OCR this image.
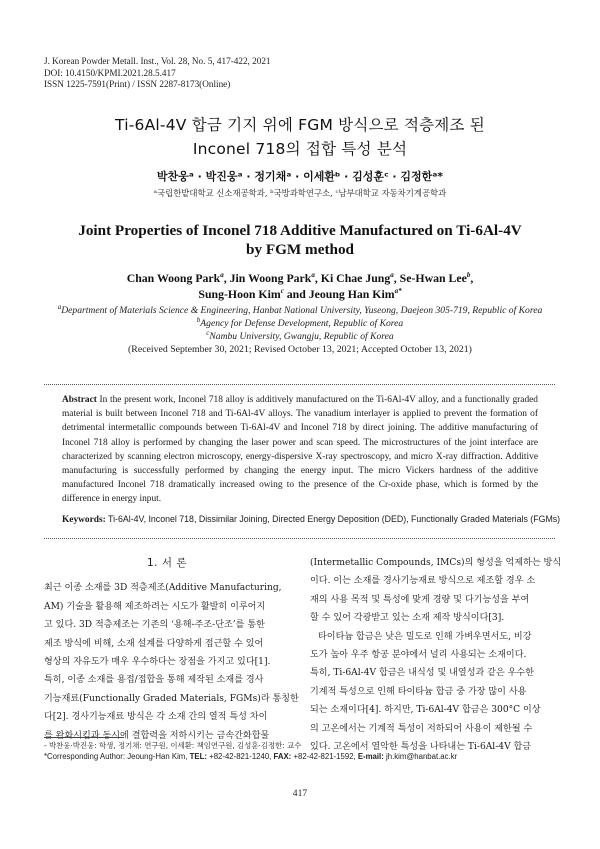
J. Korean Powder Metall. Inst., Vol. 28, No. 5, 417-422, 2021
DOI: 10.4150/KPMI.2021.28.5.417
ISSN 1225-7591(Print) / ISSN 2287-8173(Online)
Ti-6Al-4V 합금 기지 위에 FGM 방식으로 적층제조 된
Inconel 718의 접합 특성 분석
박찬웅ᵃ · 박진웅ᵃ · 정기채ᵃ · 이세환ᵇ · 김성훈ᶜ · 김정한ᵃ*
ᵃ국립한밭대학교 신소재공학과, ᵇ국방과학연구소, ᶜ남부대학교 자동차기계공학과
Joint Properties of Inconel 718 Additive Manufactured on Ti-6Al-4V
by FGM method
Chan Woong Park$^a$, Jin Woong Park$^a$, Ki Chae Jung$^a$, Se-Hwan Lee$^b$,
Sung-Hoon Kim$^c$ and Jeoung Han Kim$^{a*}$
$^a$Department of Materials Science & Engineering, Hanbat National University, Yuseong, Daejeon 305-719, Republic of Korea
$^b$Agency for Defense Development, Republic of Korea
$^c$Nambu University, Gwangju, Republic of Korea
(Received September 30, 2021; Revised October 13, 2021; Accepted October 13, 2021)
Abstract In the present work, Inconel 718 alloy is additively manufactured on the Ti-6Al-4V alloy, and a functionally graded material is built between Inconel 718 and Ti-6Al-4V alloys. The vanadium interlayer is applied to prevent the formation of detrimental intermetallic compounds between Ti-6Al-4V and Inconel 718 by direct joining. The additive manufacturing of Inconel 718 alloy is performed by changing the laser power and scan speed. The microstructures of the joint interface are characterized by scanning electron microscopy, energy-dispersive X-ray spectroscopy, and micro X-ray diffraction. Additive manufacturing is successfully performed by changing the energy input. The micro Vickers hardness of the additive manufactured Inconel 718 dramatically increased owing to the presence of the Cr-oxide phase, which is formed by the difference in energy input.
Keywords: Ti-6Al-4V, Inconel 718, Dissimilar Joining, Directed Energy Deposition (DED), Functionally Graded Materials (FGMs)

1. 서 론

최근 이종 소재를 3D 적층제조(Additive Manufacturing,
AM) 기술을 활용해 제조하려는 시도가 활발히 이루어지
고 있다. 3D 적층제조는 기존의 ‘용해-주조-단조’를 통한
제조 방식에 비해, 소재 설계를 다양하게 접근할 수 있어
형상의 자유도가 매우 우수하다는 장점을 가지고 있다[1].
특히, 이종 소재를 용접/접합을 통해 제작된 소재를 경사
기능재료(Functionally Graded Materials, FGMs)라 통칭한
다[2]. 경사기능재료 방식은 각 소재 간의 열적 특성 차이
를 완화시킴과 동시에 결합력을 저하시키는 금속간화합물

(Intermetallic Compounds, IMCs)의 형성을 억제하는 방식
이다. 이는 소재를 경사기능재료 방식으로 제조할 경우 소
재의 사용 목적 및 특성에 맞게 경량 및 다기능성을 부여
할 수 있어 각광받고 있는 소재 제작 방식이다[3].

타이타늄 합금은 낮은 밀도로 인해 가벼우면서도, 비강
도가 높아 우주 항공 분야에서 널리 사용되는 소재이다.
특히, Ti-6Al-4V 합금은 내식성 및 내열성과 같은 우수한
기계적 특성으로 인해 타이타늄 합금 중 가장 많이 사용
되는 소재이다[4]. 하지만, Ti-6Al-4V 합금은 300°C 이상
의 고온에서는 기계적 특성이 저하되어 사용이 제한될 수
있다. 고온에서 열악한 특성을 나타내는 Ti-6Al-4V 합금

- 박찬웅·박진웅: 학생, 정기채: 연구원, 이세환: 책임연구원, 김성훈·김정한: 교수
*Corresponding Author: Jeoung-Han Kim, TEL: +82-42-821-1240, FAX: +82-42-821-1592, E-mail: jh.kim@hanbat.ac.kr
417
